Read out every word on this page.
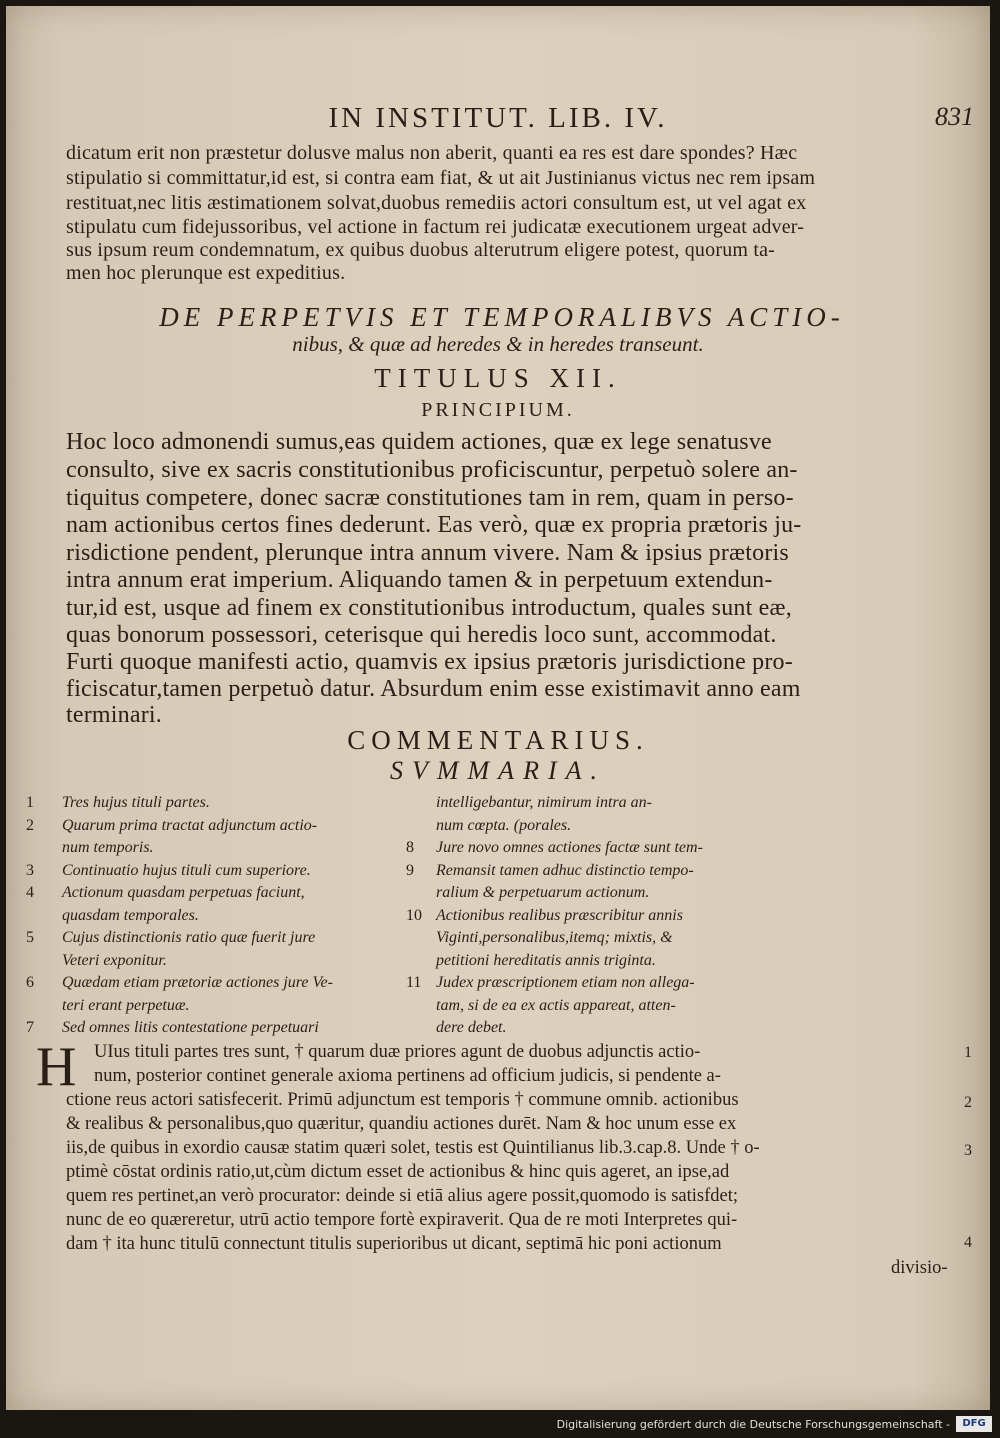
IN INSTITUT. LIB. IV.	831
dicatum erit non præstetur dolusve malus non aberit, quanti ea res est dare spondes? Hæc
stipulatio si committatur,id est, si contra eam fiat, & ut ait Justinianus victus nec rem ipsam
restituat,nec litis æstimationem solvat,duobus remediis actori consultum est, ut vel agat ex
stipulatu cum fidejussoribus, vel actione in factum rei judicatæ executionem urgeat adver-
sus ipsum reum condemnatum, ex quibus duobus alterutrum eligere potest, quorum ta-
men hoc plerunque est expeditius.
DE PERPETVIS ET TEMPORALIBVS ACTIO-
nibus, & quæ ad heredes & in heredes transeunt.
TITULUS XII.
PRINCIPIUM.
Hoc loco admonendi sumus,eas quidem actiones, quæ ex lege senatusve
consulto, sive ex sacris constitutionibus proficiscuntur, perpetuò solere an-
tiquitus competere, donec sacræ constitutiones tam in rem, quam in perso-
nam actionibus certos fines dederunt. Eas verò, quæ ex propria prætoris ju-
risdictione pendent, plerunque intra annum vivere. Nam & ipsius prætoris
intra annum erat imperium. Aliquando tamen & in perpetuum extendun-
tur,id est, usque ad finem ex constitutionibus introductum, quales sunt eæ,
quas bonorum possessori, ceterisque qui heredis loco sunt, accommodat.
Furti quoque manifesti actio, quamvis ex ipsius prætoris jurisdictione pro-
ficiscatur,tamen perpetuò datur. Absurdum enim esse existimavit anno eam
terminari.
COMMENTARIUS.
SVMMARIA.
1 Tres hujus tituli partes.
2 Quarum prima tractat adjunctum actio-
num temporis.
3 Continuatio hujus tituli cum superiore.
4 Actionum quasdam perpetuas faciunt,
quasdam temporales.
5 Cujus distinctionis ratio quæ fuerit jure
Veteri exponitur.
6 Quædam etiam prætoriæ actiones jure Ve-
teri erant perpetuæ.
7 Sed omnes litis contestatione perpetuari
intelligebantur, nimirum intra an-
num cœpta. (porales.
8 Jure novo omnes actiones factæ sunt tem-
9 Remansit tamen adhuc distinctio tempo-
ralium & perpetuarum actionum.
10 Actionibus realibus præscribitur annis
Viginti,personalibus,itemq; mixtis, &
petitioni hereditatis annis triginta.
11 Judex præscriptionem etiam non allega-
tam, si de ea ex actis appareat, atten-
dere debet.
H UIus tituli partes tres sunt, † quarum duæ priores agunt de duobus adjunctis actio-
num, posterior continet generale axioma pertinens ad officium judicis, si pendente a-
ctione reus actori satisfecerit. Primū adjunctum est temporis † commune omnib. actionibus
& realibus & personalibus,quo quæritur, quandiu actiones durēt. Nam & hoc unum esse ex
iis,de quibus in exordio causæ statim quæri solet, testis est Quintilianus lib.3.cap.8. Unde † o-
ptimè cōstat ordinis ratio,ut,cùm dictum esset de actionibus & hinc quis ageret, an ipse,ad
quem res pertinet,an verò procurator: deinde si etiā alius agere possit,quomodo is satisfdet;
nunc de eo quæreretur, utrū actio tempore fortè expiraverit. Qua de re moti Interpretes qui-
dam † ita hunc titulū connectunt titulis superioribus ut dicant, septimā hic poni actionum
divisio-
1
2
3
4
Digitalisierung gefördert durch die Deutsche Forschungsgemeinschaft -	DFG
